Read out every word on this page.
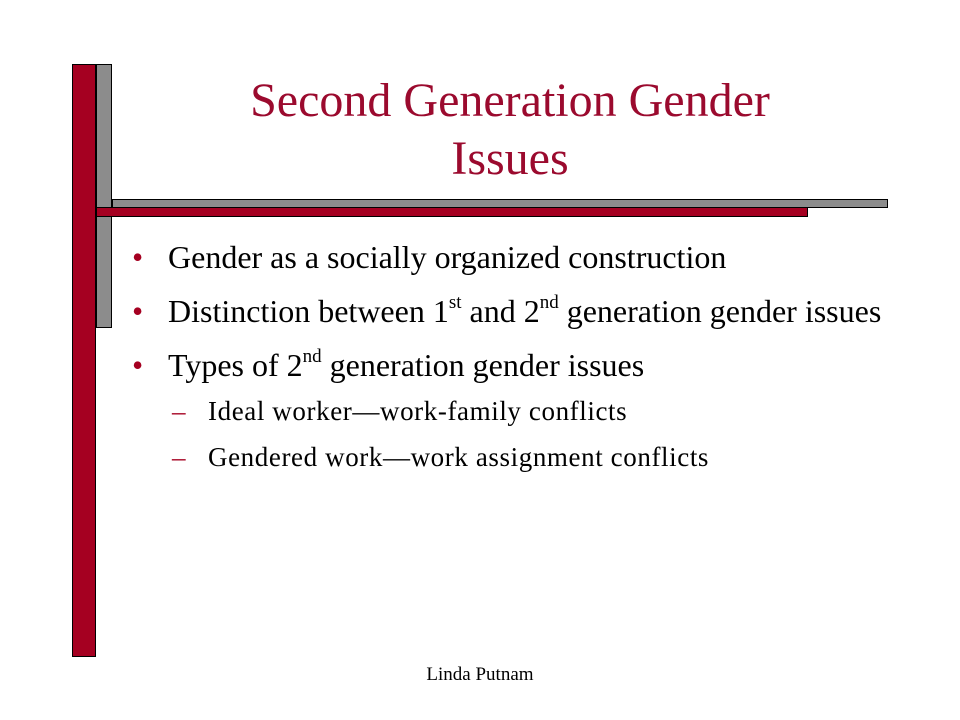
Second Generation Gender
Issues
• Gender as a socially organized construction
• Distinction between 1st and 2nd generation gender issues
• Types of 2nd generation gender issues
– Ideal worker—work-family conflicts
– Gendered work—work assignment conflicts
Linda Putnam
